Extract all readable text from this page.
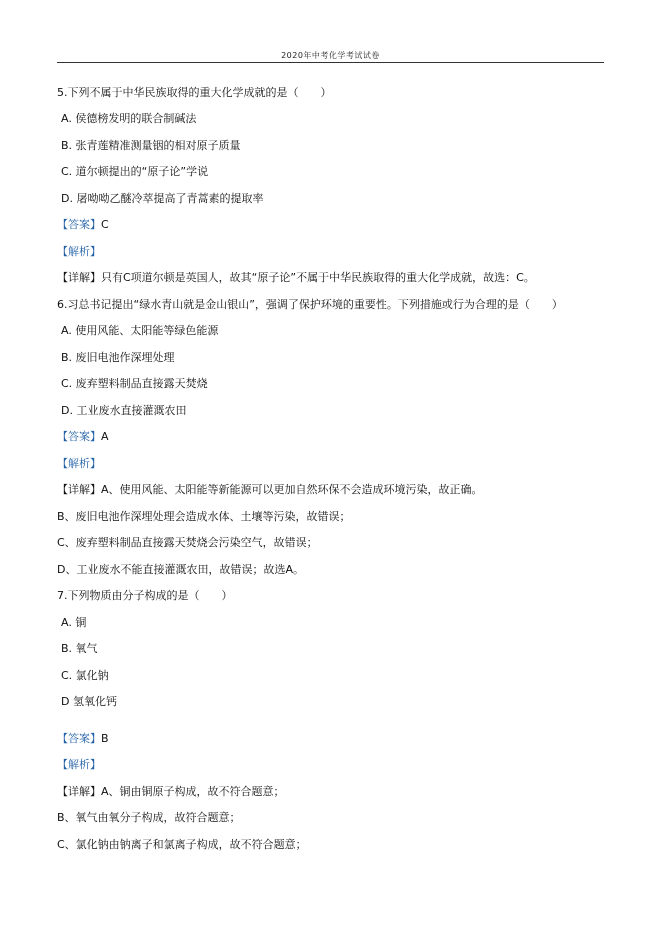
2020年中考化学考试试卷
5.下列不属于中华民族取得的重大化学成就的是（　　）
A. 侯德榜发明的联合制碱法
B. 张青莲精准测量铟的相对原子质量
C. 道尔顿提出的“原子论”学说
D. 屠呦呦乙醚冷萃提高了青蒿素的提取率
【答案】C
【解析】
【详解】只有C项道尔顿是英国人，故其“原子论”不属于中华民族取得的重大化学成就，故选：C。
6.习总书记提出“绿水青山就是金山银山”，强调了保护环境的重要性。下列措施或行为合理的是（　　）
A. 使用风能、太阳能等绿色能源
B. 废旧电池作深埋处理
C. 废弃塑料制品直接露天焚烧
D. 工业废水直接灌溉农田
【答案】A
【解析】
【详解】A、使用风能、太阳能等新能源可以更加自然环保不会造成环境污染，故正确。
B、废旧电池作深埋处理会造成水体、土壤等污染，故错误；
C、废弃塑料制品直接露天焚烧会污染空气，故错误；
D、工业废水不能直接灌溉农田，故错误；故选A。
7.下列物质由分子构成的是（　　）
A. 铜
B. 氧气
C. 氯化钠
D 氢氧化钙
【答案】B
【解析】
【详解】A、铜由铜原子构成，故不符合题意；
B、氧气由氧分子构成，故符合题意；
C、氯化钠由钠离子和氯离子构成，故不符合题意；
